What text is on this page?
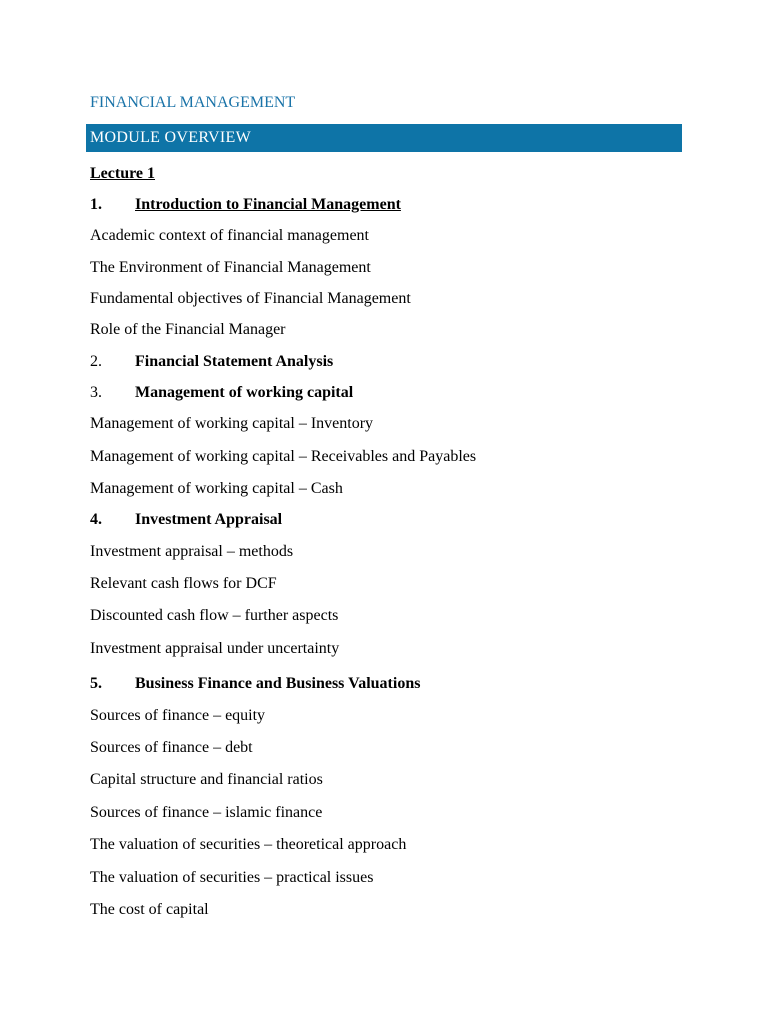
FINANCIAL MANAGEMENT
MODULE OVERVIEW
Lecture 1
1. Introduction to Financial Management
Academic context of financial management
The Environment of Financial Management
Fundamental objectives of Financial Management
Role of the Financial Manager
2. Financial Statement Analysis
3. Management of working capital
Management of working capital – Inventory
Management of working capital – Receivables and Payables
Management of working capital – Cash
4. Investment Appraisal
Investment appraisal – methods
Relevant cash flows for DCF
Discounted cash flow – further aspects
Investment appraisal under uncertainty
5. Business Finance and Business Valuations
Sources of finance – equity
Sources of finance – debt
Capital structure and financial ratios
Sources of finance – islamic finance
The valuation of securities – theoretical approach
The valuation of securities – practical issues
The cost of capital
